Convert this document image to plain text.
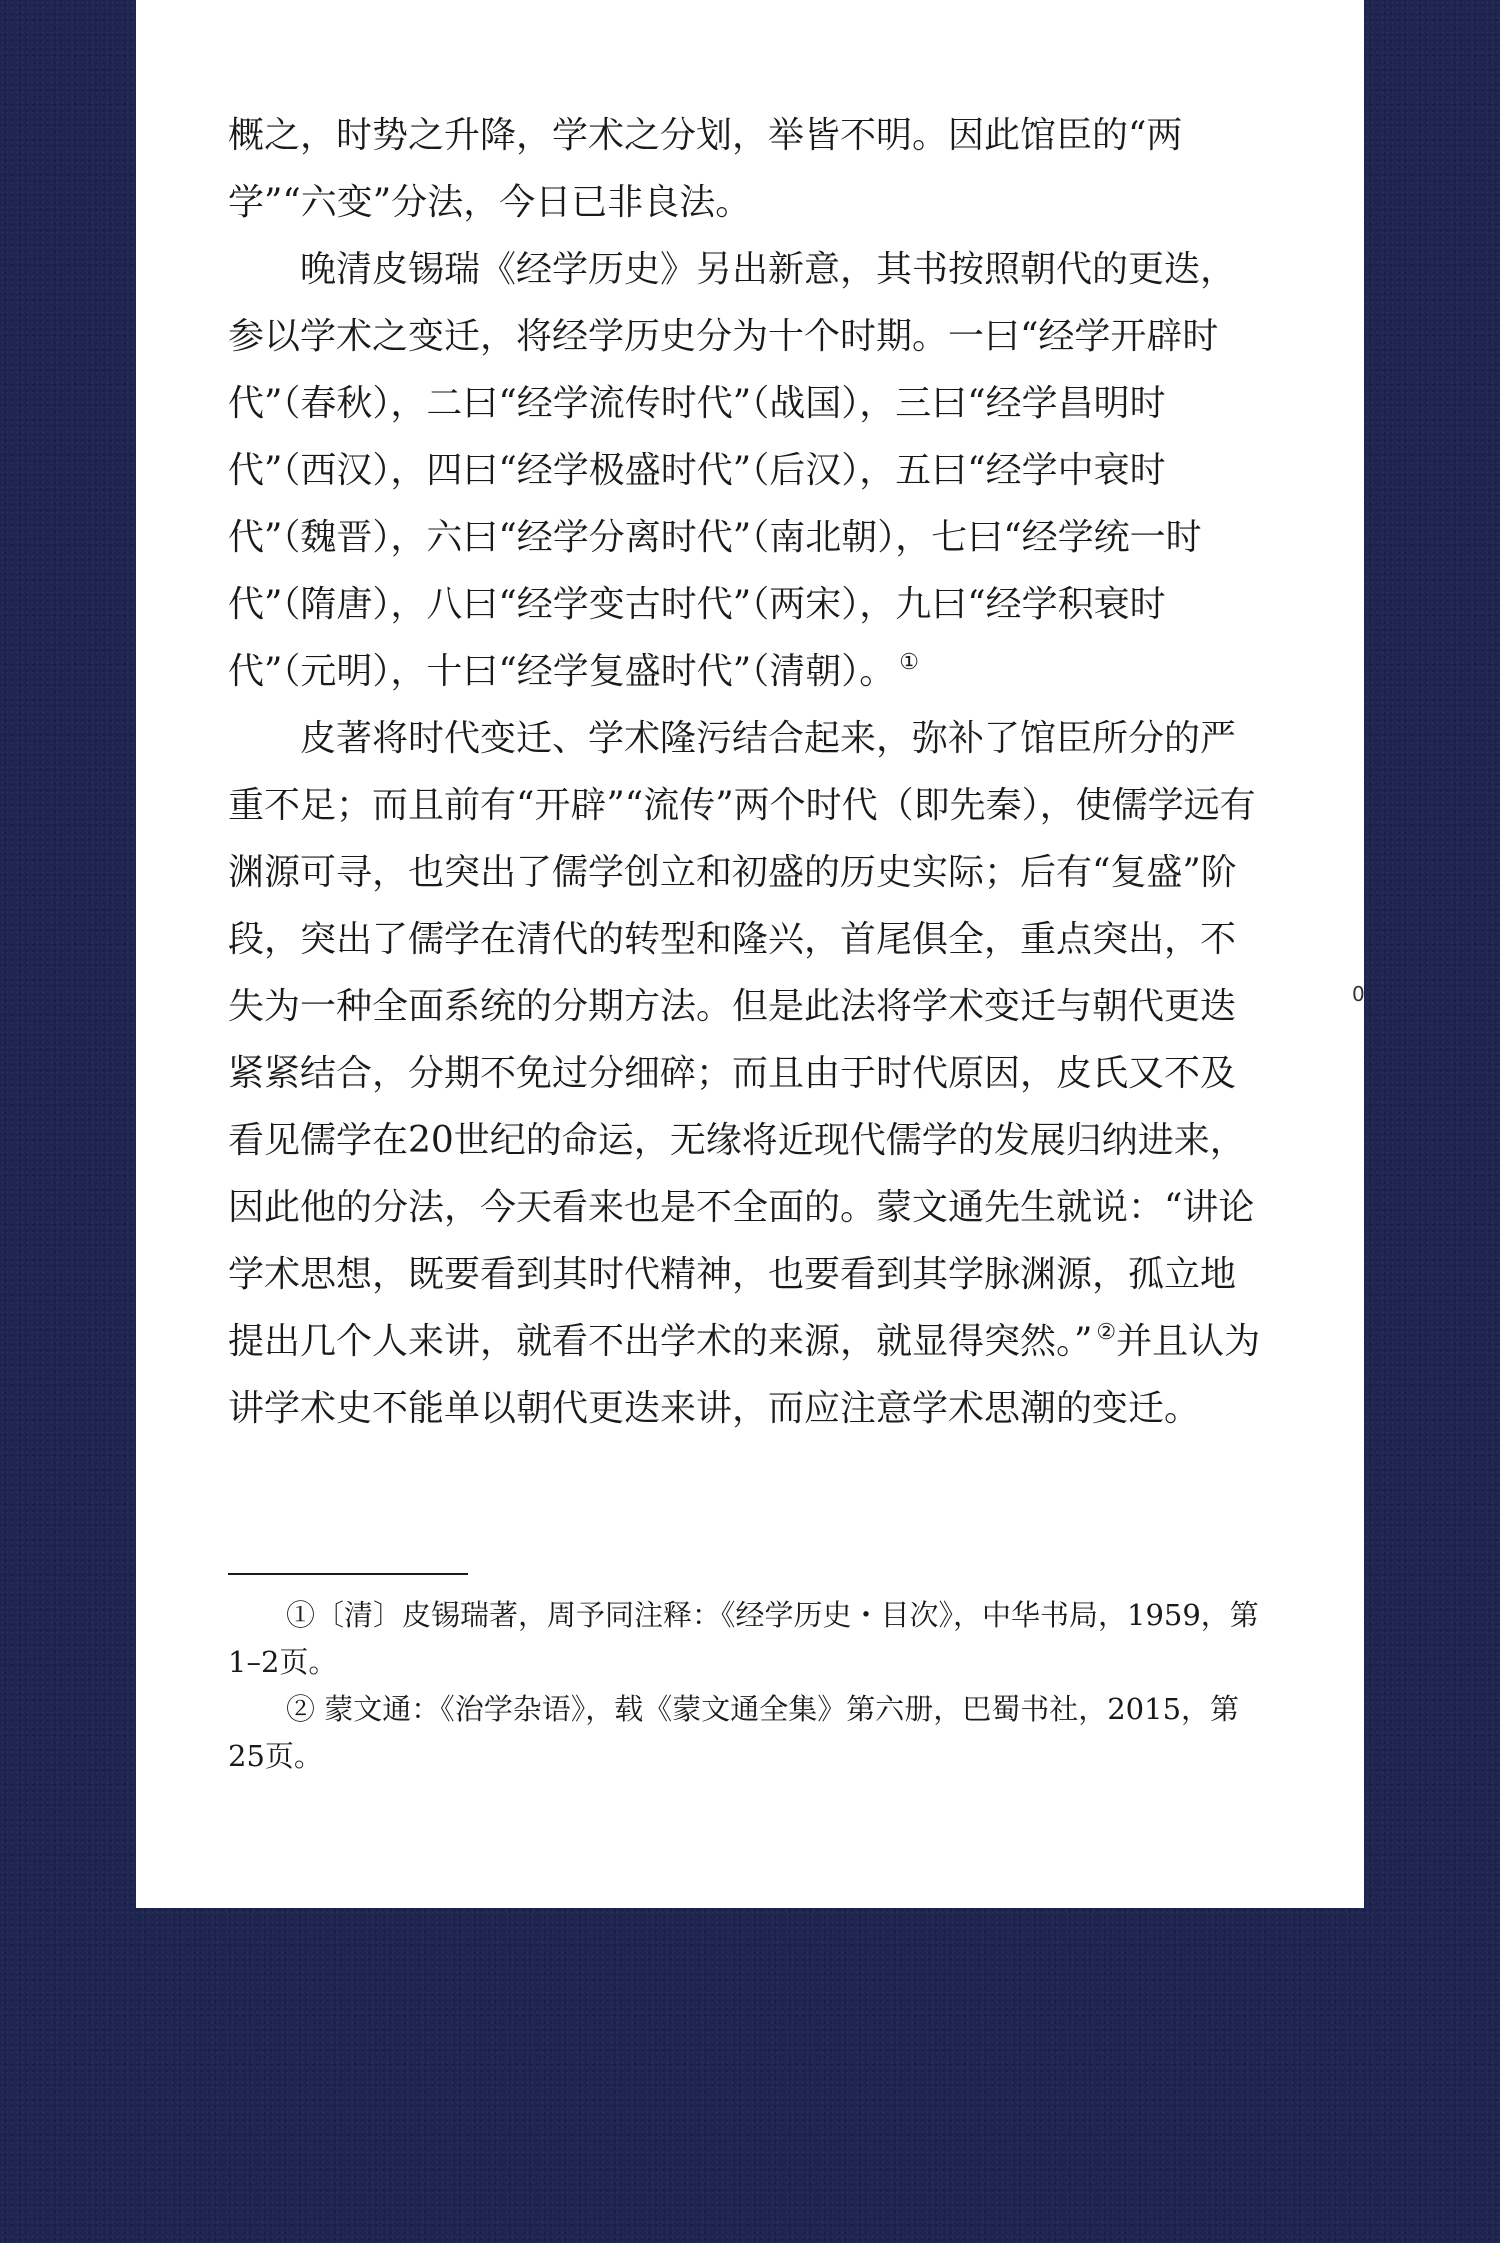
概之，时势之升降，学术之分划，举皆不明。因此馆臣的“两学”“六变”分法，今日已非良法。

晚清皮锡瑞《经学历史》另出新意，其书按照朝代的更迭，参以学术之变迁，将经学历史分为十个时期。一曰“经学开辟时代”（春秋），二曰“经学流传时代”（战国），三曰“经学昌明时代”（西汉），四曰“经学极盛时代”（后汉），五曰“经学中衰时代”（魏晋），六曰“经学分离时代”（南北朝），七曰“经学统一时代”（隋唐），八曰“经学变古时代”（两宋），九曰“经学积衰时代”（元明），十曰“经学复盛时代”（清朝）。 ①

皮著将时代变迁、学术隆污结合起来，弥补了馆臣所分的严重不足；而且前有“开辟”“流传”两个时代（即先秦），使儒学远有渊源可寻，也突出了儒学创立和初盛的历史实际；后有“复盛”阶段，突出了儒学在清代的转型和隆兴，首尾俱全，重点突出，不失为一种全面系统的分期方法。但是此法将学术变迁与朝代更迭紧紧结合，分期不免过分细碎；而且由于时代原因，皮氏又不及看见儒学在20世纪的命运，无缘将近现代儒学的发展归纳进来，因此他的分法，今天看来也是不全面的。蒙文通先生就说：“讲论学术思想，既要看到其时代精神，也要看到其学脉渊源，孤立地提出几个人来讲，就看不出学术的来源，就显得突然。” ②并且认为讲学术史不能单以朝代更迭来讲，而应注意学术思潮的变迁。

①〔清〕皮锡瑞著，周予同注释：《经学历史・目次》，中华书局，1959，第1–2页。

② 蒙文通：《治学杂语》，载《蒙文通全集》第六册，巴蜀书社，2015，第25页。

0
